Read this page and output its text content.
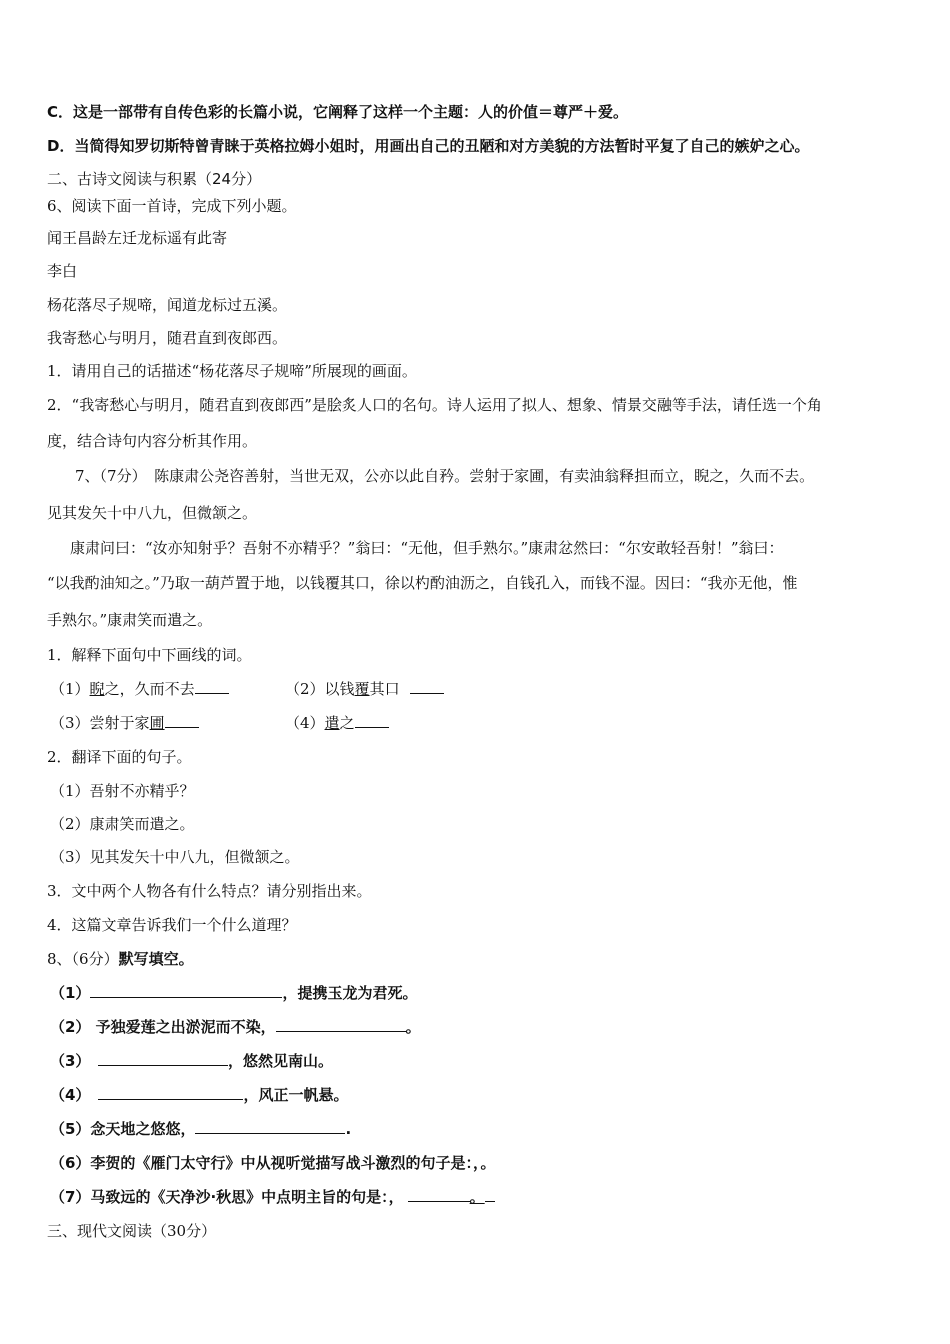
C．这是一部带有自传色彩的长篇小说，它阐释了这样一个主题：人的价值＝尊严＋爱。
D．当简得知罗切斯特曾青睐于英格拉姆小姐时，用画出自己的丑陋和对方美貌的方法暂时平复了自己的嫉妒之心。
二、古诗文阅读与积累（24分）
6、阅读下面一首诗，完成下列小题。
闻王昌龄左迁龙标遥有此寄
李白
杨花落尽子规啼，闻道龙标过五溪。
我寄愁心与明月，随君直到夜郎西。
1．请用自己的话描述“杨花落尽子规啼”所展现的画面。
2．“我寄愁心与明月，随君直到夜郎西”是脍炙人口的名句。诗人运用了拟人、想象、情景交融等手法，请任选一个角
度，结合诗句内容分析其作用。
7、（7分）　陈康肃公尧咨善射，当世无双，公亦以此自矜。尝射于家圃，有卖油翁释担而立，睨之，久而不去。
见其发矢十中八九，但微颔之。
康肃问曰：“汝亦知射乎？吾射不亦精乎？”翁曰：“无他，但手熟尔。”康肃忿然曰：“尔安敢轻吾射！”翁曰：
“以我酌油知之。”乃取一葫芦置于地，以钱覆其口，徐以杓酌油沥之，自钱孔入，而钱不湿。因曰：“我亦无他，惟
手熟尔。”康肃笑而遣之。
1．解释下面句中下画线的词。
（1）睨之，久而不去	（2）以钱覆其口
（3）尝射于家圃	（4）遣之
2．翻译下面的句子。
（1）吾射不亦精乎？
（2）康肃笑而遣之。
（3）见其发矢十中八九，但微颔之。
3．文中两个人物各有什么特点？请分别指出来。
4．这篇文章告诉我们一个什么道理？
8、（6分）默写填空。
（1）	，提携玉龙为君死。
（2） 予独爱莲之出淤泥而不染，	。
（3）　	，悠然见南山。
（4）	，风正一帆悬。
（5）念天地之悠悠，	.
（6）李贺的《雁门太守行》中从视听觉描写战斗激烈的句子是：，。
（7）马致远的《天净沙·秋思》中点明主旨的句是：，	。
三、现代文阅读（30分）
